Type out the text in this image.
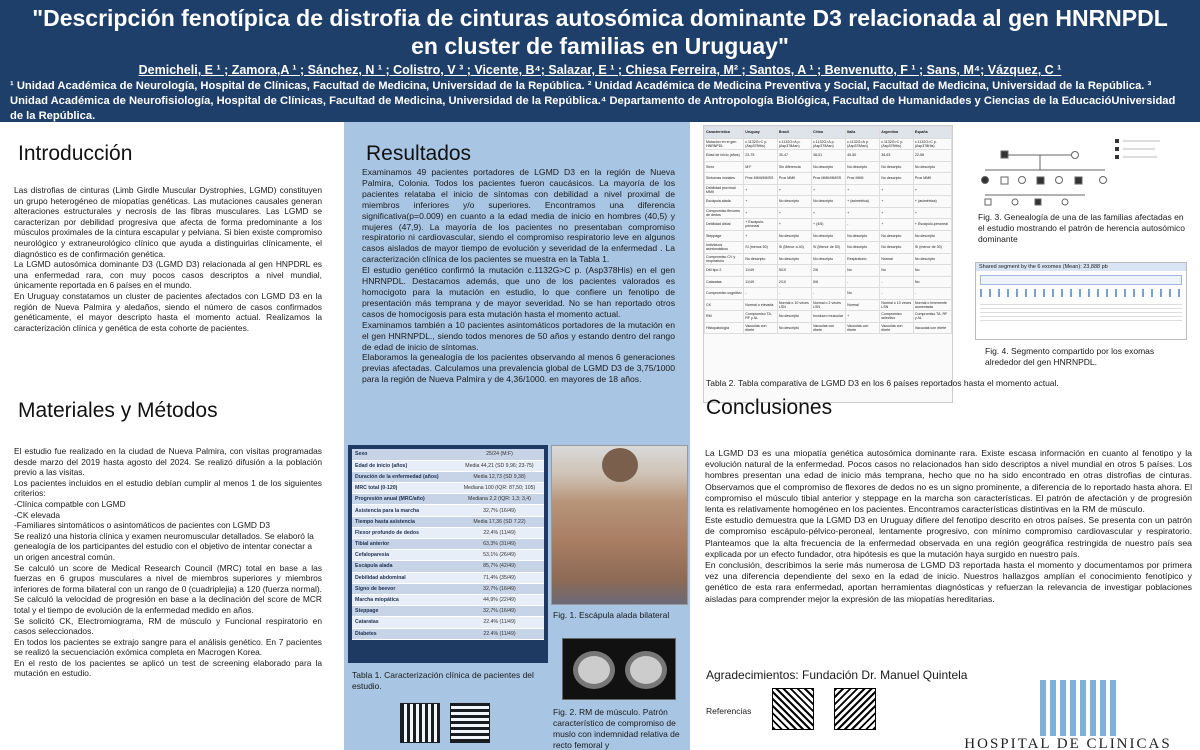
"Descripción fenotípica de distrofia de cinturas autosómica dominante D3 relacionada al gen HNRNPDL en cluster de familias en Uruguay"
Demicheli, E ¹ ; Zamora,A ¹ ; Sánchez, N ¹ ; Colistro, V ³ ; Vicente, B⁴; Salazar, E ¹ ; Chiesa Ferreira, M² ; Santos, A ¹ ; Benvenutto, F ¹ ; Sans, M⁴; Vázquez, C ¹
¹ Unidad Académica de Neurología, Hospital de Clínicas, Facultad de Medicina, Universidad de la República. ² Unidad Académica de Medicina Preventiva y Social, Facultad de Medicina, Universidad de la República. ³ Unidad Académica de Neurofisiología, Hospital de Clínicas, Facultad de Medicina, Universidad de la República.⁴ Departamento de Antropología Biológica, Facultad de Humanidades y Ciencias de la EducacióUniversidad de la República.
Introducción

Las distrofias de cinturas (Limb Girdle Muscular Dystrophies, LGMD) constituyen un grupo heterogéneo de miopatías genéticas. Las mutaciones causales generan alteraciones estructurales y necrosis de las fibras musculares. Las LGMD se caracterizan por debilidad progresiva que afecta de forma predominante a los músculos proximales de la cintura escapular y pelviana. Si bien existe compromiso neurológico y extraneurológico clínico que ayuda a distinguirlas clínicamente, el diagnóstico es de confirmación genética.

La LGMD autosómica dominante D3 (LGMD D3) relacionada al gen HNPDRL es una enfermedad rara, con muy pocos casos descriptos a nivel mundial, únicamente reportada en 6 países en el mundo.

En Uruguay constatamos un cluster de pacientes afectados con LGMD D3 en la región de Nueva Palmira y aledaños, siendo el número de casos confirmados genéticamente, el mayor descripto hasta el momento actual. Realizamos la caracterización clínica y genética de esta cohorte de pacientes.

Materiales y Métodos

El estudio fue realizado en la ciudad de Nueva Palmira, con visitas programadas desde marzo del 2019 hasta agosto del 2024. Se realizó difusión a la población previo a las visitas.

Los pacientes incluidos en el estudio debían cumplir al menos 1 de los siguientes criterios:

-Clínica compatble con LGMD

-CK elevada

-Familiares sintomáticos o asintomáticos de pacientes con LGMD D3

Se realizó una historia clínica y examen neuromuscular detallados. Se elaboró la

genealogía de los participantes del estudio con el objetivo de intentar conectar a

un origen ancestral común.

Se calculó un score de Medical Research Council (MRC) total en base a las fuerzas en 6 grupos musculares a nivel de miembros superiores y miembros inferiores de forma bilateral con un rango de 0 (cuadriplejia) a 120 (fuerza normal). Se calculó la velocidad de progresión en base a la declinación del score de MCR total y el tiempo de evolución de la enfermedad medido en años.

Se solicitó CK, Electromiograma, RM de músculo y Funcional respiratorio en casos seleccionados.

En todos los pacientes se extrajo sangre para el análisis genético. En 7 pacientes se realizó la secuenciación exómica completa en Macrogen Korea.

En el resto de los pacientes se aplicó un test de screening elaborado para la mutación en estudio.

Resultados

Examinamos 49 pacientes portadores de LGMD D3 en la región de Nueva Palmira, Colonia. Todos los pacientes fueron caucásicos. La mayoría de los pacientes relataba el inicio de síntomas con debilidad a nivel proximal de miembros inferiores y/o superiores. Encontramos una diferencia significativa(p=0.009) en cuanto a la edad media de inicio en hombres (40,5) y mujeres (47,9). La mayoría de los pacientes no presentaban compromiso respiratorio ni cardiovascular, siendo el compromiso respiratorio leve en algunos casos aislados de mayor tiempo de evolución y severidad de la enfermedad . La caracterización clínica de los pacientes se muestra en la Tabla 1.

El estudio genético confirmó la mutación c.1132G>C p. (Asp378His) en el gen HNRNPDL. Destacamos además, que uno de los pacientes valorados es homocigoto para la mutación en estudio, lo que confiere un fenotipo de presentación más temprana y de mayor severidad. No se han reportado otros casos de homocigosis para esta mutación hasta el momento actual.

Examinamos también a 10 pacientes asintomáticos portadores de la mutación en el gen HNRNPDL., siendo todos menores de 50 años y estando dentro del rango de edad de inicio de síntomas.

Elaboramos la genealogía de los pacientes observando al menos 6 generaciones previas afectadas. Calculamos una prevalencia global de LGMD D3 de 3,75/1000 para la región de Nueva Palmira y de 4,36/1000. en mayores de 18 años.

Sexo	25/24 (M:F)
Edad de inicio (años)	Media 44,21 (SD 9,96; 23-75)
Duración de la enfermedad (años)	Media 12,73 (SD 9,38)
MRC total (0-120)	Mediana 100 (IQR: 87,50; 105)
Progresión anual (MRC/año)	Mediana 2,2 (IQR: 1,3; 3,4)
Asistencia para la marcha	32,7% (16/49)
Tiempo hasta asistencia	Media 17,36 (SD 7.22)
Flexor profundo de dedos	22,4% (11/49)
Tibial anterior	63,3% (31/49)
Cefaloparesia	53,1% (26/49)
Escápula alada	85,7% (42/49)
Debilidad abdominal	71,4% (35/49)
Signo de beevor	32,7% (16/49)
Marcha miopática	44,9% (22/49)
Steppage	32,7% (16/49)
Cataratas	22.4% (11/49)
Diabetes	22.4% (11/49)
Tabla 1. Caracterización clínica de pacientes del estudio.
Fig. 1. Escápula alada bilateral
Fig. 2. RM de músculo. Patrón característico de compromiso de muslo con indemnidad relativa de recto femoral y
Característica	Uruguay	Brasil	China	Italia	Argentina	España
Mutación en el gen HNRNPDL	c.1132G>C p.(Asp378His)	c.1132G>A p.(Asp378Asn)	c.1132G>A p.(Asp378Asn)	c.1132G>A p.(Asp378Asn)	c.1132G>C p.(Asp378His)	c.1132G>C p.(Asp378His)
Edad de inicio (años)	23-75	30-47	38-51	40-50	38-63	22-58
Sexo	M:F	Sin diferencia	No descripto	No descripto	No descripto	No descripto
Síntomas iniciales	Prox MMII/MMSS	Prox MMII	Prox MMII/MMSS	Prox MMII	No descripto	Prox MMII
Debilidad proximal MMII	+	+	+	+	+	+
Escápula alada	+	No descripto	No descripto	+ (asimétrica)	+	+ (asimétrica)
Compromiso flexores de dedos	+	+	+	+	+	+
Debilidad distal	+ Escápulo-peroneal	+	+ (4/5)	-	+	+ Escápulo-peroneal
Steppage	+	No descripto	No descripto	No descripto	No descripto	No descripto
Individuos asintomáticos	Sí (menos 50)	Sí (Menor a 40)	Sí (Menor de 50)	No descripto	No descripto	Sí (menor de 30)
Compromiso CV y respiratorio	No descripto	No descripto	No descripto	Respiratorio	Normal	No descripto
DM tipo 2	11/49	5/10	2/6	No	No	No
Cataratas	11/49	2/10	5/6	-	-	No
Compromiso cognitivo	-	-	-	No	-	-
CK	Normal o elevada	Normal o 10 veces LSN	Normal o 2 veces LSN	Normal	Normal o 10 veces LSN	Normal o levemente aumentada
RM	Compromiso TA, RF y AL	No descripto	Involucro muscular	+	Compromiso selectivo	Compromiso TA, RF y AL
Histopatología	Vacuolas con ribete	No descripto	Vacuolas con ribete	Vacuolas con ribete	Vacuolas con ribete	Vacuolas con ribete
Tabla 2. Tabla comparativa de LGMD D3 en los 6 países reportados hasta el momento actual.
Fig. 3. Genealogía de una de las familias afectadas en el estudio mostrando el patrón de herencia autosómico dominante
Shared segment by the 6 exomes (Mean): 23,888 pb
Fig. 4. Segmento compartido por los exomas alrededor del gen HNRNPDL.
Conclusiones

La LGMD D3 es una miopatía genética autosómica dominante rara. Existe escasa información en cuanto al fenotipo y la evolución natural de la enfermedad. Pocos casos no relacionados han sido descriptos a nivel mundial en otros 5 países. Los hombres presentan una edad de inicio más temprana, hecho que no ha sido encontrado en otras distrofias de cinturas. Observamos que el compromiso de flexores de dedos no es un signo prominente, a diferencia de lo reportado hasta ahora. El compromiso el músculo tibial anterior y steppage en la marcha son características. El patrón de afectación y de progresión lenta es relativamente homogéneo en los pacientes. Encontramos características distintivas en la RM de músculo.

Este estudio demuestra que la LGMD D3 en Uruguay difiere del fenotipo descrito en otros países. Se presenta con un patrón de compromiso escápulo-pélvico-peroneal, lentamente progresivo, con mínimo compromiso cardiovascular y respiratorio. Planteamos que la alta frecuencia de la enfermedad observada en una región geográfica restringida de nuestro país sea explicada por un efecto fundador, otra hipótesis es que la mutación haya surgido en nuestro país.

En conclusión, describimos la serie más numerosa de LGMD D3 reportada hasta el momento y documentamos por primera vez una diferencia dependiente del sexo en la edad de inicio. Nuestros hallazgos amplían el conocimiento fenotípico y genético de esta rara enfermedad, aportan herramientas diagnósticas y refuerzan la relevancia de investigar poblaciones aisladas para comprender mejor la expresión de las miopatías hereditarias.

Agradecimientos: Fundación Dr. Manuel Quintela
Referencias
HOSPITAL DE CLINICAS
